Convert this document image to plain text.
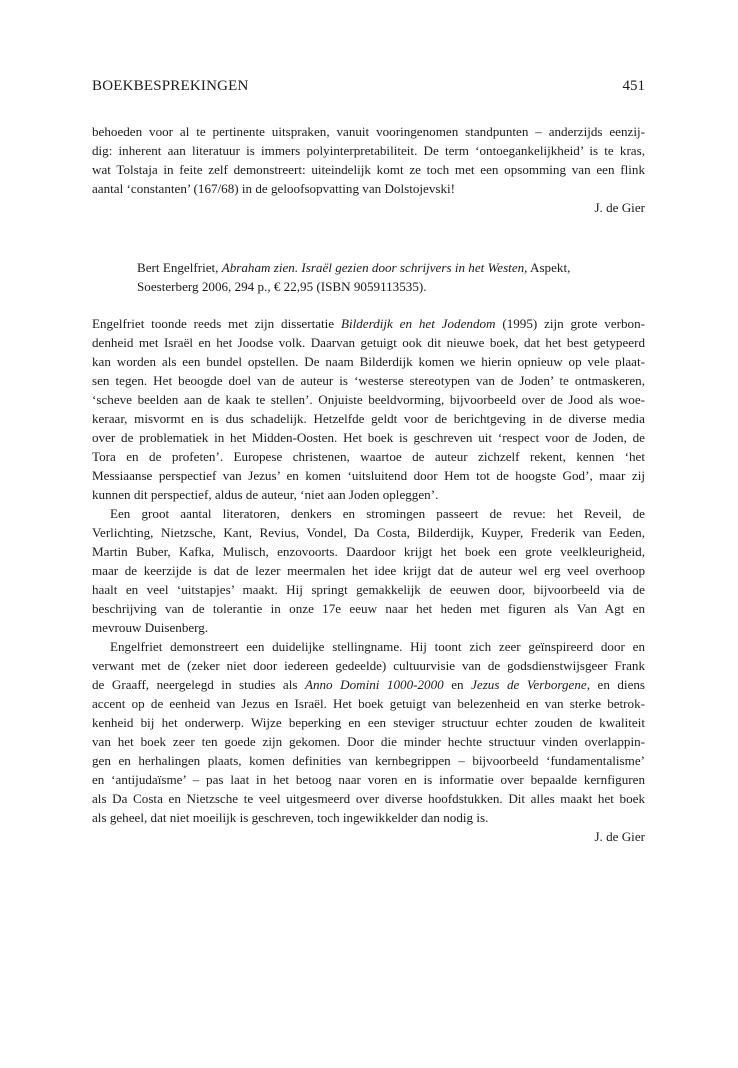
BOEKBESPREKINGEN	451
behoeden voor al te pertinente uitspraken, vanuit vooringenomen standpunten – anderzijds eenzij-
dig: inherent aan literatuur is immers polyinterpretabiliteit. De term ‘ontoegankelijkheid’ is te kras,
wat Tolstaja in feite zelf demonstreert: uiteindelijk komt ze toch met een opsomming van een flink
aantal ‘constanten’ (167/68) in de geloofsopvatting van Dolstojevski!
J. de Gier
Bert Engelfriet, Abraham zien. Israël gezien door schrijvers in het Westen, Aspekt,
Soesterberg 2006, 294 p., € 22,95 (ISBN 9059113535).
Engelfriet toonde reeds met zijn dissertatie Bilderdijk en het Jodendom (1995) zijn grote verbon-
denheid met Israël en het Joodse volk. Daarvan getuigt ook dit nieuwe boek, dat het best getypeerd
kan worden als een bundel opstellen. De naam Bilderdijk komen we hierin opnieuw op vele plaat-
sen tegen. Het beoogde doel van de auteur is ‘westerse stereotypen van de Joden’ te ontmaskeren,
‘scheve beelden aan de kaak te stellen’. Onjuiste beeldvorming, bijvoorbeeld over de Jood als woe-
keraar, misvormt en is dus schadelijk. Hetzelfde geldt voor de berichtgeving in de diverse media
over de problematiek in het Midden-Oosten. Het boek is geschreven uit ‘respect voor de Joden, de
Tora en de profeten’. Europese christenen, waartoe de auteur zichzelf rekent, kennen ‘het
Messiaanse perspectief van Jezus’ en komen ‘uitsluitend door Hem tot de hoogste God’, maar zij
kunnen dit perspectief, aldus de auteur, ‘niet aan Joden opleggen’.
Een groot aantal literatoren, denkers en stromingen passeert de revue: het Reveil, de
Verlichting, Nietzsche, Kant, Revius, Vondel, Da Costa, Bilderdijk, Kuyper, Frederik van Eeden,
Martin Buber, Kafka, Mulisch, enzovoorts. Daardoor krijgt het boek een grote veelkleurigheid,
maar de keerzijde is dat de lezer meermalen het idee krijgt dat de auteur wel erg veel overhoop
haalt en veel ‘uitstapjes’ maakt. Hij springt gemakkelijk de eeuwen door, bijvoorbeeld via de
beschrijving van de tolerantie in onze 17e eeuw naar het heden met figuren als Van Agt en
mevrouw Duisenberg.
Engelfriet demonstreert een duidelijke stellingname. Hij toont zich zeer geïnspireerd door en
verwant met de (zeker niet door iedereen gedeelde) cultuurvisie van de godsdienstwijsgeer Frank
de Graaff, neergelegd in studies als Anno Domini 1000-2000 en Jezus de Verborgene, en diens
accent op de eenheid van Jezus en Israël. Het boek getuigt van belezenheid en van sterke betrok-
kenheid bij het onderwerp. Wijze beperking en een steviger structuur echter zouden de kwaliteit
van het boek zeer ten goede zijn gekomen. Door die minder hechte structuur vinden overlappin-
gen en herhalingen plaats, komen definities van kernbegrippen – bijvoorbeeld ‘fundamentalisme’
en ‘antijudaïsme’ – pas laat in het betoog naar voren en is informatie over bepaalde kernfiguren
als Da Costa en Nietzsche te veel uitgesmeerd over diverse hoofdstukken. Dit alles maakt het boek
als geheel, dat niet moeilijk is geschreven, toch ingewikkelder dan nodig is.
J. de Gier
